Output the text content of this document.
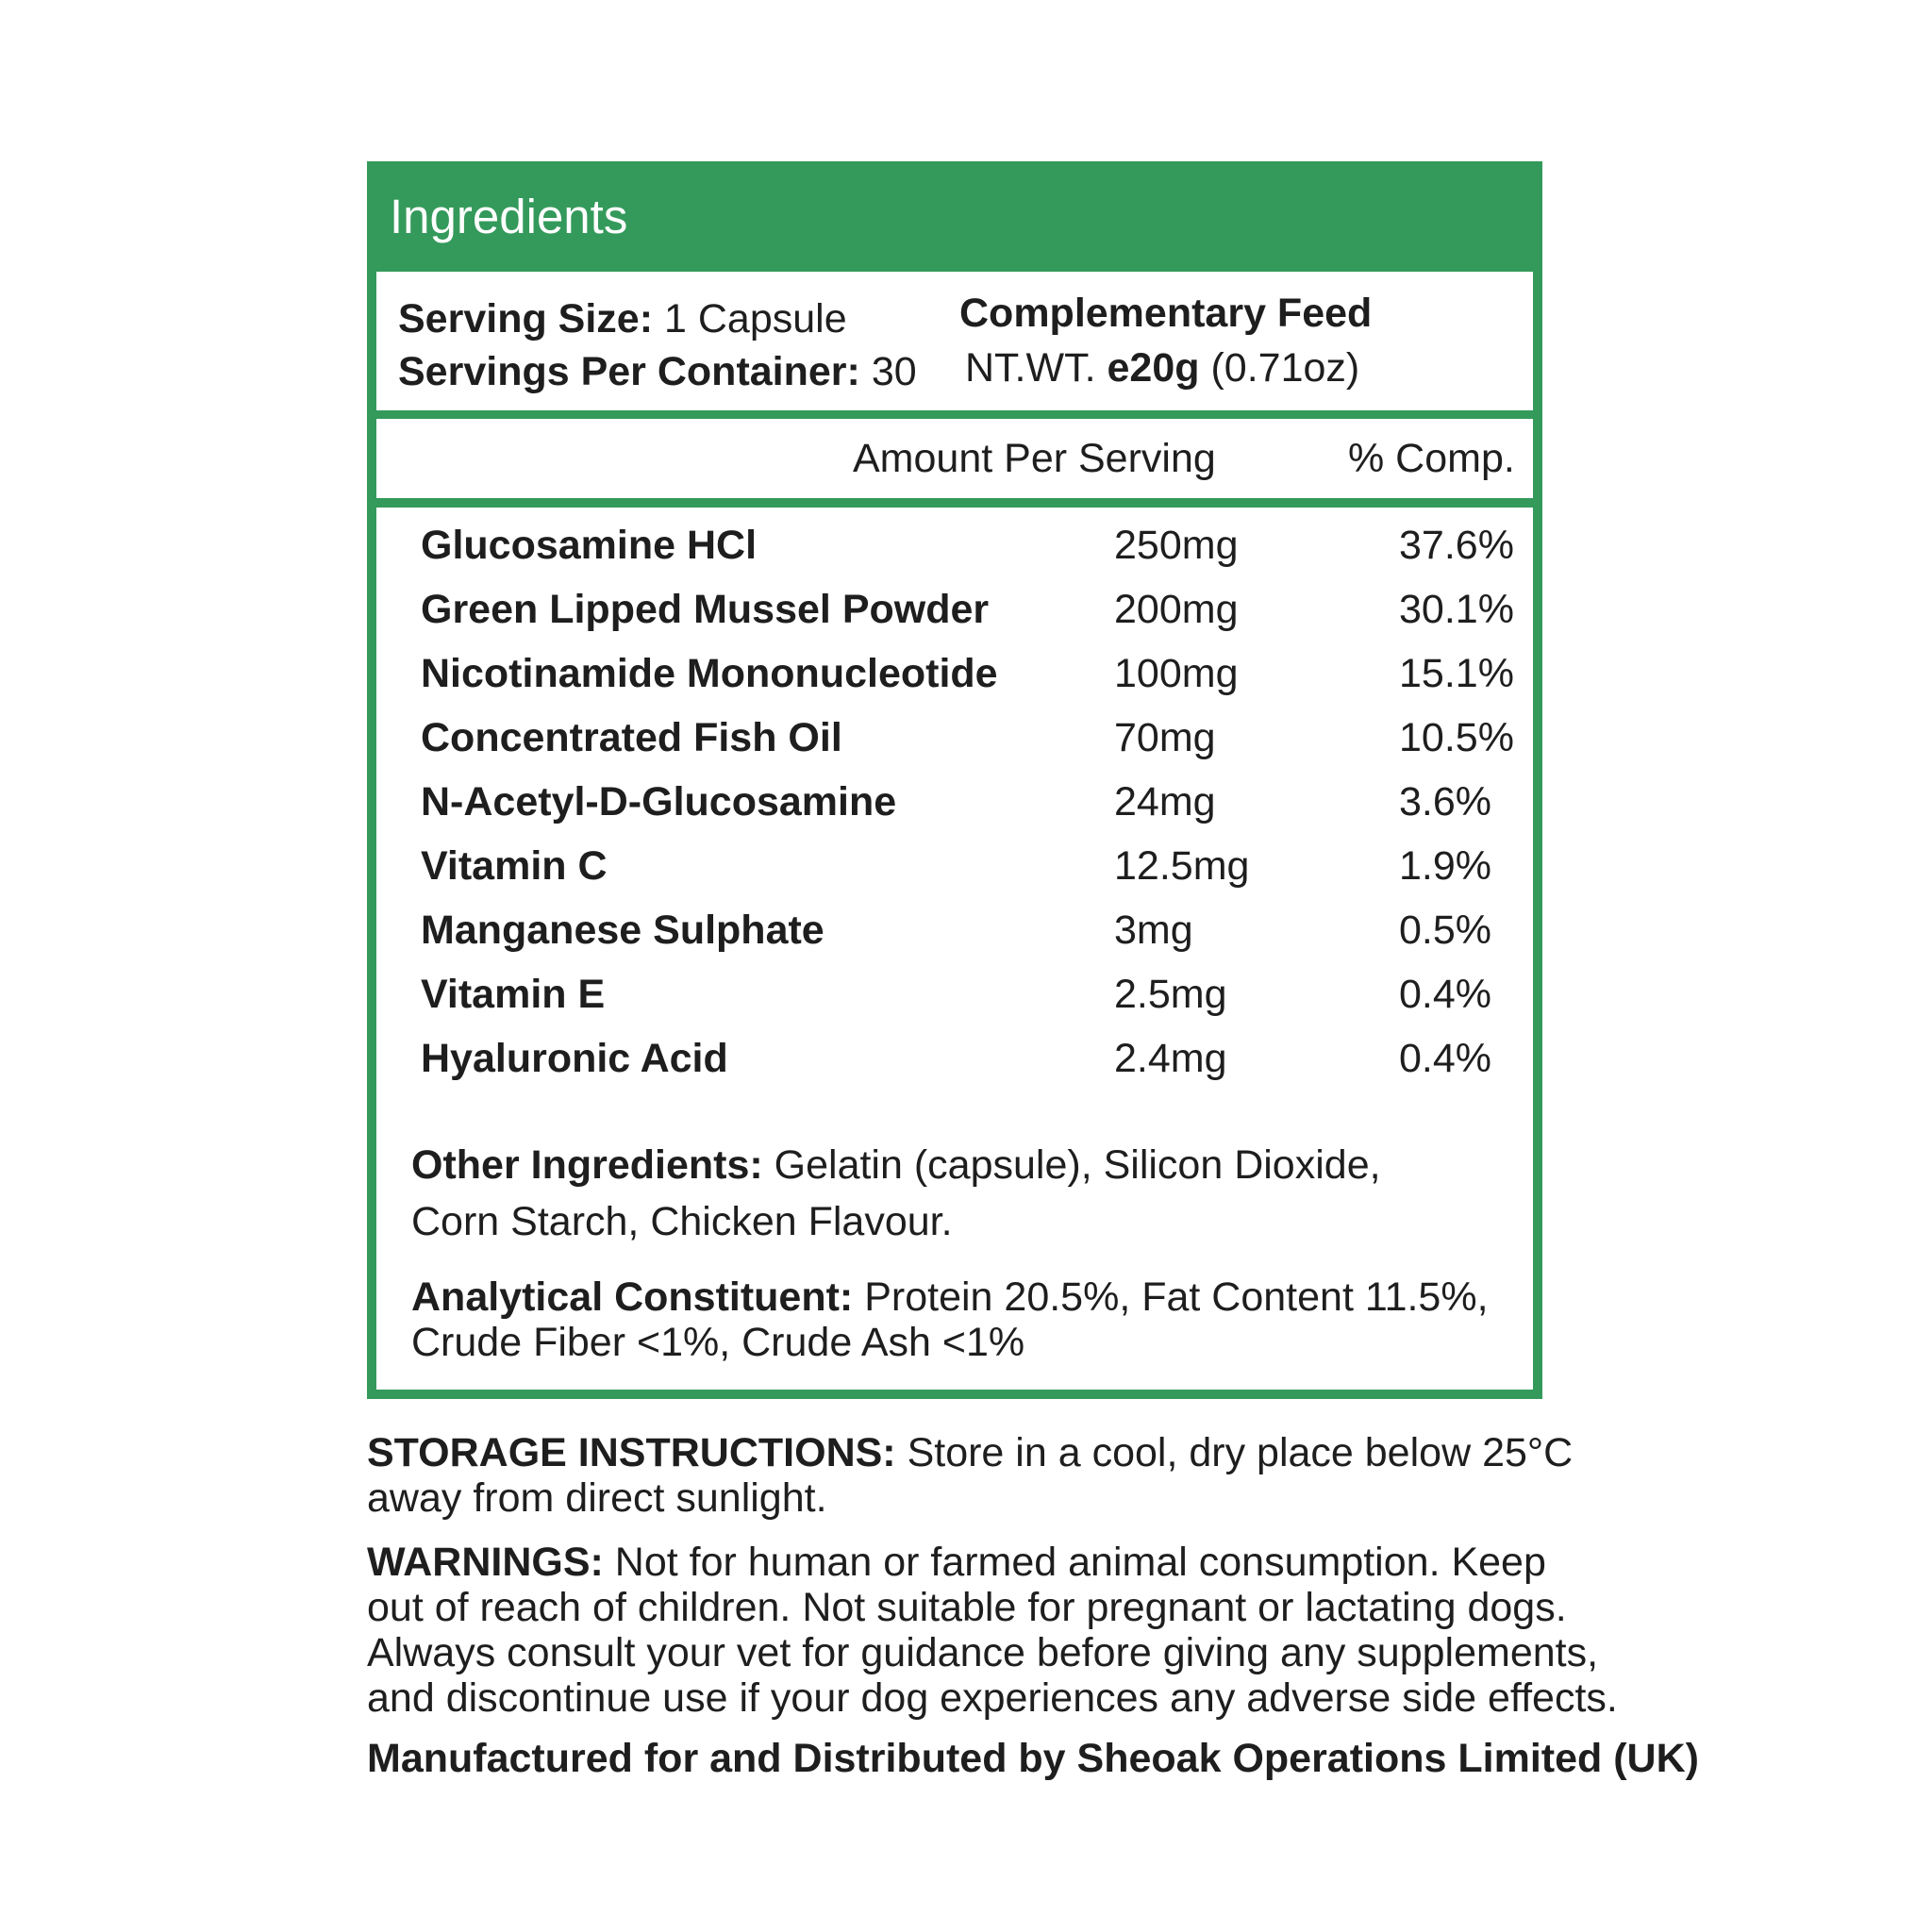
Ingredients
Serving Size: 1 Capsule
Servings Per Container: 30
Complementary Feed
NT.WT. e20g (0.71oz)
Amount Per Serving	% Comp.
Glucosamine HCl	250mg	37.6%
Green Lipped Mussel Powder	200mg	30.1%
Nicotinamide Mononucleotide	100mg	15.1%
Concentrated Fish Oil	70mg	10.5%
N-Acetyl-D-Glucosamine	24mg	3.6%
Vitamin C	12.5mg	1.9%
Manganese Sulphate	3mg	0.5%
Vitamin E	2.5mg	0.4%
Hyaluronic Acid	2.4mg	0.4%
Other Ingredients: Gelatin (capsule), Silicon Dioxide,
Corn Starch, Chicken Flavour.
Analytical Constituent: Protein 20.5%, Fat Content 11.5%,
Crude Fiber <1%, Crude Ash <1%
STORAGE INSTRUCTIONS: Store in a cool, dry place below 25°C
away from direct sunlight.
WARNINGS: Not for human or farmed animal consumption. Keep
out of reach of children. Not suitable for pregnant or lactating dogs.
Always consult your vet for guidance before giving any supplements,
and discontinue use if your dog experiences any adverse side effects.
Manufactured for and Distributed by Sheoak Operations Limited (UK)
